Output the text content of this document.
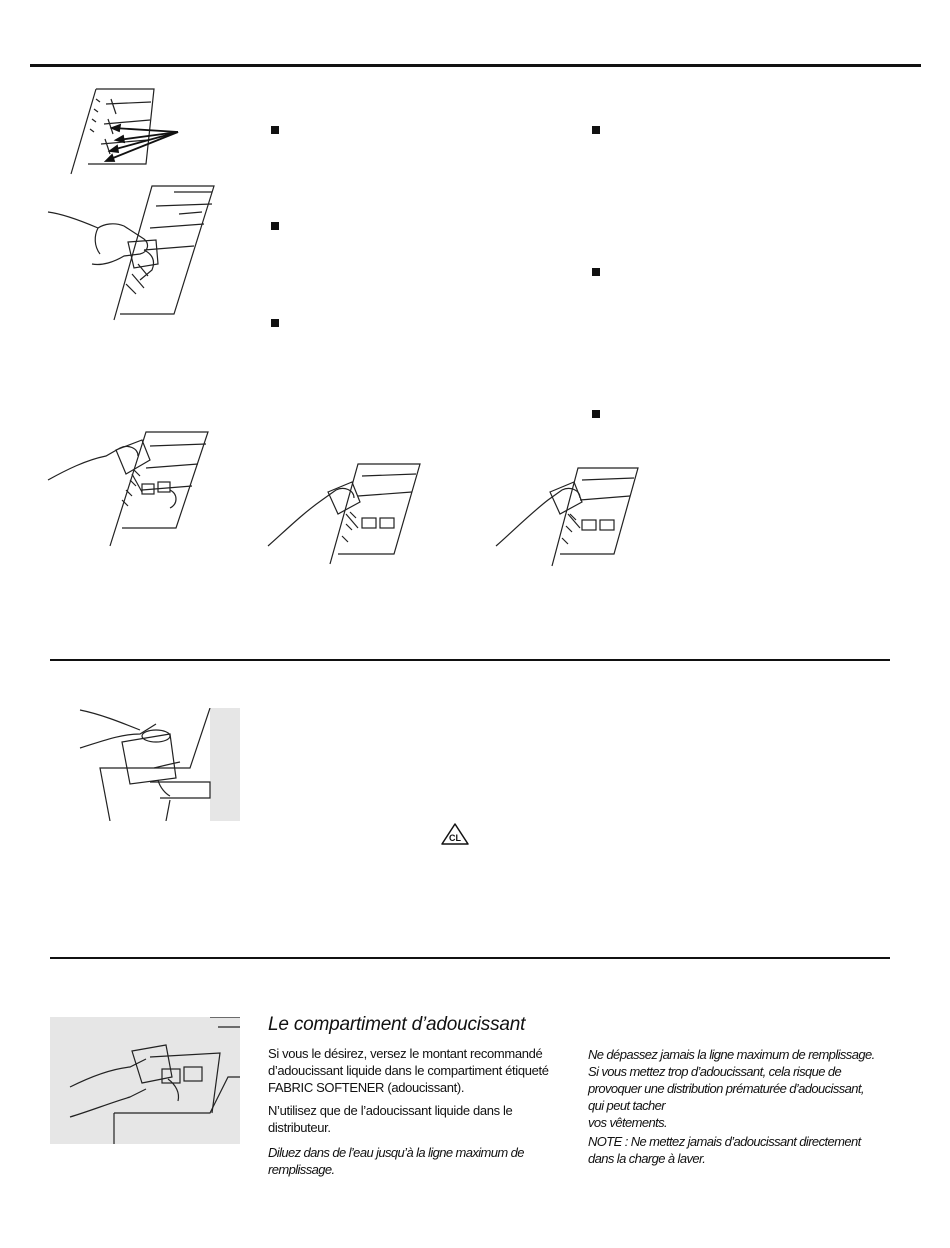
CL
Le compartiment d’adoucissant

Si vous le désirez, versez le montant recommandé d’adoucissant liquide dans le compartiment étiqueté FABRIC SOFTENER (adoucissant).

N’utilisez que de l’adoucissant liquide dans le distributeur.

Diluez dans de l’eau jusqu’à la ligne maximum de remplissage.

Ne dépassez jamais la ligne maximum de remplissage.

Si vous mettez trop d’adoucissant, cela risque de

provoquer une distribution prématurée d’adoucissant,

qui peut tacher

vos vêtements.

NOTE : Ne mettez jamais d’adoucissant directement dans la charge à laver.
